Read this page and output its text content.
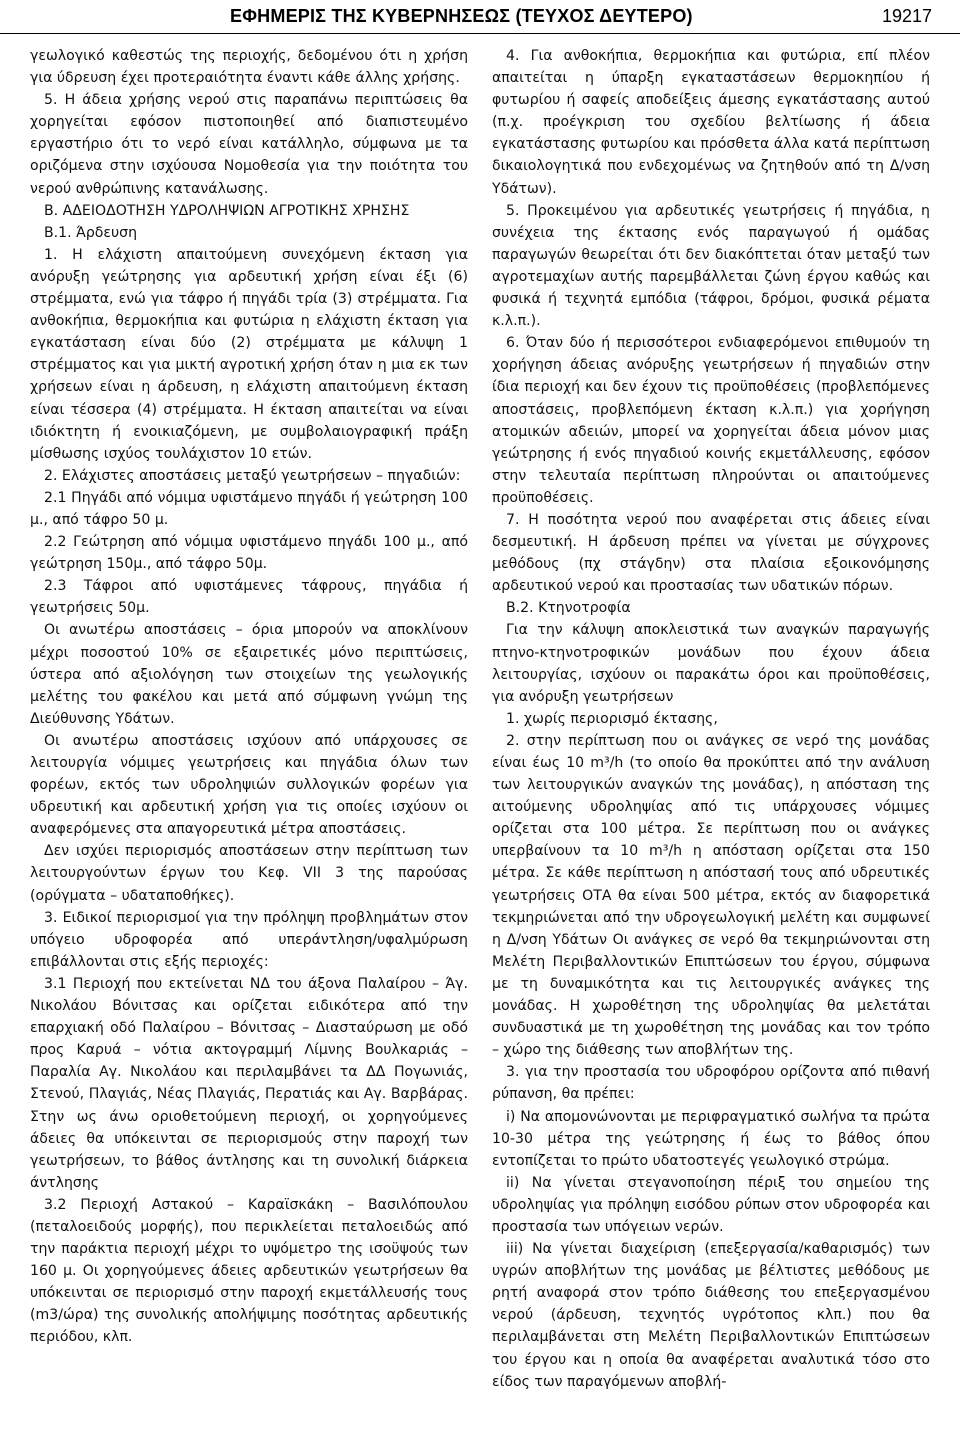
ΕΦΗΜΕΡΙΣ ΤΗΣ ΚΥΒΕΡΝΗΣΕΩΣ (ΤΕΥΧΟΣ ΔΕΥΤΕΡΟ)	19217

γεωλογικό καθεστώς της περιοχής, δεδομένου ότι η χρήση για ύδρευση έχει προτεραιότητα έναντι κάθε άλλης χρήσης.

5. Η άδεια χρήσης νερού στις παραπάνω περιπτώσεις θα χορηγείται εφόσον πιστοποιηθεί από διαπιστευμένο εργαστήριο ότι το νερό είναι κατάλληλο, σύμφωνα με τα οριζόμενα στην ισχύουσα Νομοθεσία για την ποιότητα του νερού ανθρώπινης κατανάλωσης.

Β. ΑΔΕΙΟΔΟΤΗΣΗ ΥΔΡΟΛΗΨΙΩΝ ΑΓΡΟΤΙΚΗΣ ΧΡΗΣΗΣ

Β.1. Άρδευση

1. Η ελάχιστη απαιτούμενη συνεχόμενη έκταση για ανόρυξη γεώτρησης για αρδευτική χρήση είναι έξι (6) στρέμματα, ενώ για τάφρο ή πηγάδι τρία (3) στρέμματα. Για ανθοκήπια, θερμοκήπια και φυτώρια η ελάχιστη έκταση για εγκατάσταση είναι δύο (2) στρέμματα με κάλυψη 1 στρέμματος και για μικτή αγροτική χρήση όταν η μια εκ των χρήσεων είναι η άρδευση, η ελάχιστη απαιτούμενη έκταση είναι τέσσερα (4) στρέμματα. Η έκταση απαιτείται να είναι ιδιόκτητη ή ενοικιαζόμενη, με συμβολαιογραφική πράξη μίσθωσης ισχύος τουλάχιστον 10 ετών.

2. Ελάχιστες αποστάσεις μεταξύ γεωτρήσεων – πηγαδιών:

2.1 Πηγάδι από νόμιμα υφιστάμενο πηγάδι ή γεώτρηση 100 μ., από τάφρο 50 μ.

2.2 Γεώτρηση από νόμιμα υφιστάμενο πηγάδι 100 μ., από γεώτρηση 150μ., από τάφρο 50μ.

2.3 Τάφροι από υφιστάμενες τάφρους, πηγάδια ή γεωτρήσεις 50μ.

Οι ανωτέρω αποστάσεις – όρια μπορούν να αποκλίνουν μέχρι ποσοστού 10% σε εξαιρετικές μόνο περιπτώσεις, ύστερα από αξιολόγηση των στοιχείων της γεωλογικής μελέτης του φακέλου και μετά από σύμφωνη γνώμη της Διεύθυνσης Υδάτων.

Οι ανωτέρω αποστάσεις ισχύουν από υπάρχουσες σε λειτουργία νόμιμες γεωτρήσεις και πηγάδια όλων των φορέων, εκτός των υδροληψιών συλλογικών φορέων για υδρευτική και αρδευτική χρήση για τις οποίες ισχύουν οι αναφερόμενες στα απαγορευτικά μέτρα αποστάσεις.

Δεν ισχύει περιορισμός αποστάσεων στην περίπτωση των λειτουργούντων έργων του Κεφ. VII 3 της παρούσας (ορύγματα – υδαταποθήκες).

3. Ειδικοί περιορισμοί για την πρόληψη προβλημάτων στον υπόγειο υδροφορέα από υπεράντληση/υφαλμύρωση επιβάλλονται στις εξής περιοχές:

3.1 Περιοχή που εκτείνεται ΝΔ του άξονα Παλαίρου – Άγ. Νικολάου Βόνιτσας και ορίζεται ειδικότερα από την επαρχιακή οδό Παλαίρου – Βόνιτσας – Διασταύρωση με οδό προς Καρυά – νότια ακτογραμμή Λίμνης Βουλκαριάς – Παραλία Αγ. Νικολάου και περιλαμβάνει τα ΔΔ Πογωνιάς, Στενού, Πλαγιάς, Νέας Πλαγιάς, Περατιάς και Αγ. Βαρβάρας. Στην ως άνω οριοθετούμενη περιοχή, οι χορηγούμενες άδειες θα υπόκεινται σε περιορισμούς στην παροχή των γεωτρήσεων, το βάθος άντλησης και τη συνολική διάρκεια άντλησης

3.2 Περιοχή Αστακού – Καραϊσκάκη – Βασιλόπουλου (πεταλοειδούς μορφής), που περικλείεται πεταλοειδώς από την παράκτια περιοχή μέχρι το υψόμετρο της ισοϋψούς των 160 μ. Οι χορηγούμενες άδειες αρδευτικών γεωτρήσεων θα υπόκεινται σε περιορισμό στην παροχή εκμετάλλευσής τους (m3/ώρα) της συνολικής απολήψιμης ποσότητας αρδευτικής περιόδου, κλπ.

4. Για ανθοκήπια, θερμοκήπια και φυτώρια, επί πλέον απαιτείται η ύπαρξη εγκαταστάσεων θερμοκηπίου ή φυτωρίου ή σαφείς αποδείξεις άμεσης εγκατάστασης αυτού (π.χ. προέγκριση του σχεδίου βελτίωσης ή άδεια εγκατάστασης φυτωρίου και πρόσθετα άλλα κατά περίπτωση δικαιολογητικά που ενδεχομένως να ζητηθούν από τη Δ/νση Υδάτων).

5. Προκειμένου για αρδευτικές γεωτρήσεις ή πηγάδια, η συνέχεια της έκτασης ενός παραγωγού ή ομάδας παραγωγών θεωρείται ότι δεν διακόπτεται όταν μεταξύ των αγροτεμαχίων αυτής παρεμβάλλεται ζώνη έργου καθώς και φυσικά ή τεχνητά εμπόδια (τάφροι, δρόμοι, φυσικά ρέματα κ.λ.π.).

6. Όταν δύο ή περισσότεροι ενδιαφερόμενοι επιθυμούν τη χορήγηση άδειας ανόρυξης γεωτρήσεων ή πηγαδιών στην ίδια περιοχή και δεν έχουν τις προϋποθέσεις (προβλεπόμενες αποστάσεις, προβλεπόμενη έκταση κ.λ.π.) για χορήγηση ατομικών αδειών, μπορεί να χορηγείται άδεια μόνον μιας γεώτρησης ή ενός πηγαδιού κοινής εκμετάλλευσης, εφόσον στην τελευταία περίπτωση πληρούνται οι απαιτούμενες προϋποθέσεις.

7. Η ποσότητα νερού που αναφέρεται στις άδειες είναι δεσμευτική. Η άρδευση πρέπει να γίνεται με σύγχρονες μεθόδους (πχ στάγδην) στα πλαίσια εξοικονόμησης αρδευτικού νερού και προστασίας των υδατικών πόρων.

Β.2. Κτηνοτροφία

Για την κάλυψη αποκλειστικά των αναγκών παραγωγής πτηνο-κτηνοτροφικών μονάδων που έχουν άδεια λειτουργίας, ισχύουν οι παρακάτω όροι και προϋποθέσεις, για ανόρυξη γεωτρήσεων

1. χωρίς περιορισμό έκτασης,

2. στην περίπτωση που οι ανάγκες σε νερό της μονάδας είναι έως 10 m³/h (το οποίο θα προκύπτει από την ανάλυση των λειτουργικών αναγκών της μονάδας), η απόσταση της αιτούμενης υδροληψίας από τις υπάρχουσες νόμιμες ορίζεται στα 100 μέτρα. Σε περίπτωση που οι ανάγκες υπερβαίνουν τα 10 m³/h η απόσταση ορίζεται στα 150 μέτρα. Σε κάθε περίπτωση η απόστασή τους από υδρευτικές γεωτρήσεις ΟΤΑ θα είναι 500 μέτρα, εκτός αν διαφορετικά τεκμηριώνεται από την υδρογεωλογική μελέτη και συμφωνεί η Δ/νση Υδάτων Οι ανάγκες σε νερό θα τεκμηριώνονται στη Μελέτη Περιβαλλοντικών Επιπτώσεων του έργου, σύμφωνα με τη δυναμικότητα και τις λειτουργικές ανάγκες της μονάδας. Η χωροθέτηση της υδροληψίας θα μελετάται συνδυαστικά με τη χωροθέτηση της μονάδας και τον τρόπο – χώρο της διάθεσης των αποβλήτων της.

3. για την προστασία του υδροφόρου ορίζοντα από πιθανή ρύπανση, θα πρέπει:

i) Να απομονώνονται με περιφραγματικό σωλήνα τα πρώτα 10-30 μέτρα της γεώτρησης ή έως το βάθος όπου εντοπίζεται το πρώτο υδατοστεγές γεωλογικό στρώμα.

ii) Να γίνεται στεγανοποίηση πέριξ του σημείου της υδροληψίας για πρόληψη εισόδου ρύπων στον υδροφορέα και προστασία των υπόγειων νερών.

iii) Να γίνεται διαχείριση (επεξεργασία/καθαρισμός) των υγρών αποβλήτων της μονάδας με βέλτιστες μεθόδους με ρητή αναφορά στον τρόπο διάθεσης του επεξεργασμένου νερού (άρδευση, τεχνητός υγρότοπος κλπ.) που θα περιλαμβάνεται στη Μελέτη Περιβαλλοντικών Επιπτώσεων του έργου και η οποία θα αναφέρεται αναλυτικά τόσο στο είδος των παραγόμενων αποβλή-
